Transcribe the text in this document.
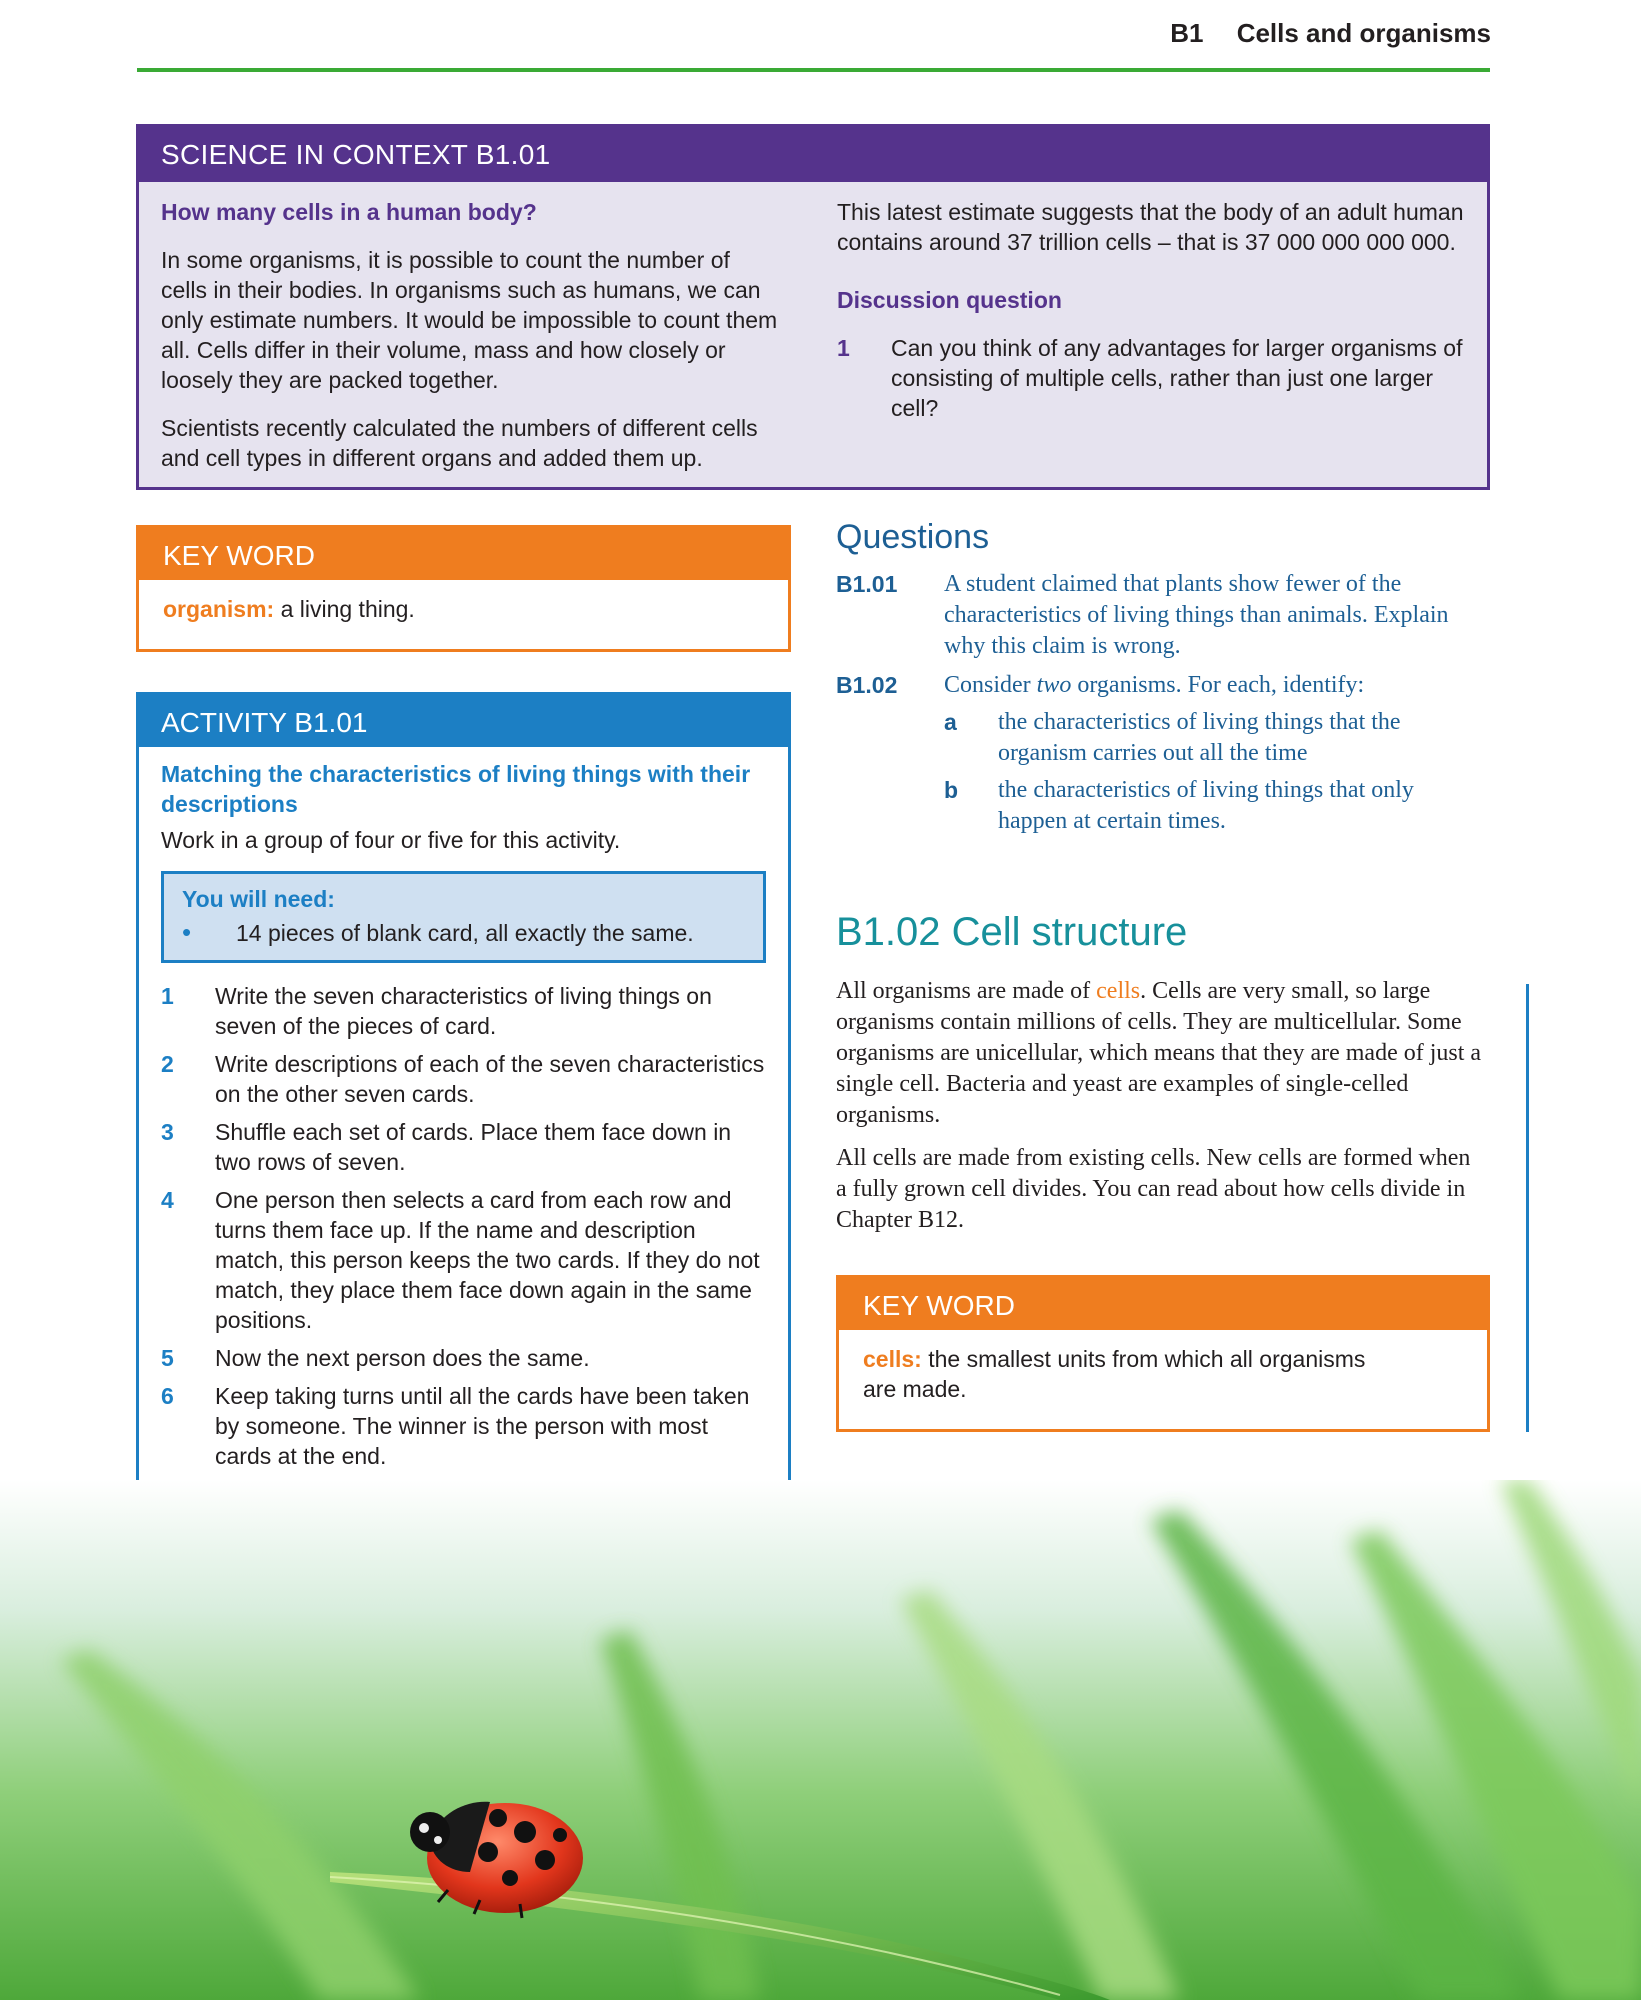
B1 Cells and organisms
SCIENCE IN CONTEXT B1.01

How many cells in a human body?

In some organisms, it is possible to count the number of cells in their bodies. In organisms such as humans, we can only estimate numbers. It would be impossible to count them all. Cells differ in their volume, mass and how closely or loosely they are packed together.

Scientists recently calculated the numbers of different cells and cell types in different organs and added them up.

This latest estimate suggests that the body of an adult human contains around 37 trillion cells – that is 37 000 000 000 000.

Discussion question

1	Can you think of any advantages for larger organisms of consisting of multiple cells, rather than just one larger cell?
KEY WORD
organism: a living thing.
ACTIVITY B1.01

Matching the characteristics of living things with their descriptions

Work in a group of four or five for this activity.
You will need:
•	14 pieces of blank card, all exactly the same.
1	Write the seven characteristics of living things on seven of the pieces of card.
2	Write descriptions of each of the seven characteristics on the other seven cards.
3	Shuffle each set of cards. Place them face down in two rows of seven.
4	One person then selects a card from each row and turns them face up. If the name and description match, this person keeps the two cards. If they do not match, they place them face down again in the same positions.
5	Now the next person does the same.
6	Keep taking turns until all the cards have been taken by someone. The winner is the person with most cards at the end.
Questions
B1.01	A student claimed that plants show fewer of the characteristics of living things than animals. Explain why this claim is wrong.
B1.02	Consider two organisms. For each, identify:
a	the characteristics of living things that the organism carries out all the time
b	the characteristics of living things that only happen at certain times.
B1.02 Cell structure

All organisms are made of cells. Cells are very small, so large organisms contain millions of cells. They are multicellular. Some organisms are unicellular, which means that they are made of just a single cell. Bacteria and yeast are examples of single-celled organisms.

All cells are made from existing cells. New cells are formed when a fully grown cell divides. You can read about how cells divide in Chapter B12.

KEY WORD
cells: the smallest units from which all organisms are made.
